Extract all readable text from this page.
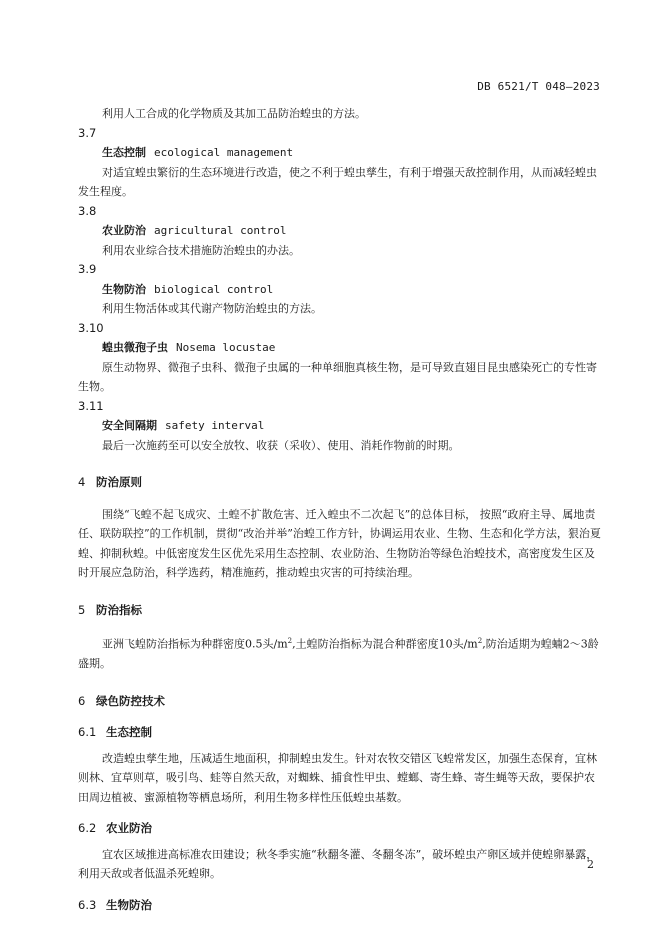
DB 6521/T 048—2023

利用人工合成的化学物质及其加工品防治蝗虫的方法。

3.7

生态控制 ecological management

对适宜蝗虫繁衍的生态环境进行改造，使之不利于蝗虫孳生，有利于增强天敌控制作用，从而减轻蝗虫发生程度。

3.8

农业防治 agricultural control

利用农业综合技术措施防治蝗虫的办法。

3.9

生物防治 biological control

利用生物活体或其代谢产物防治蝗虫的方法。

3.10

蝗虫微孢子虫 Nosema locustae

原生动物界、微孢子虫科、微孢子虫属的一种单细胞真核生物，是可导致直翅目昆虫感染死亡的专性寄生物。

3.11

安全间隔期 safety interval

最后一次施药至可以安全放牧、收获（采收）、使用、消耗作物前的时期。

4 防治原则

围绕“飞蝗不起飞成灾、土蝗不扩散危害、迁入蝗虫不二次起飞”的总体目标， 按照“政府主导、属地责任、联防联控”的工作机制，贯彻“改治并举”治蝗工作方针，协调运用农业、生物、生态和化学方法，狠治夏蝗、抑制秋蝗。中低密度发生区优先采用生态控制、农业防治、生物防治等绿色治蝗技术，高密度发生区及时开展应急防治，科学选药，精准施药，推动蝗虫灾害的可持续治理。

5 防治指标

亚洲飞蝗防治指标为种群密度0.5头$/m^2$,土蝗防治指标为混合种群密度10头$/m^2$,防治适期为蝗蝻2～3龄盛期。

6 绿色防控技术

6.1 生态控制

改造蝗虫孳生地，压减适生地面积，抑制蝗虫发生。针对农牧交错区飞蝗常发区，加强生态保育，宜林则林、宜草则草，吸引鸟、蛙等自然天敌，对蜘蛛、捕食性甲虫、螳螂、寄生蜂、寄生蝇等天敌，要保护农田周边植被、蜜源植物等栖息场所，利用生物多样性压低蝗虫基数。

6.2 农业防治

宜农区域推进高标准农田建设；秋冬季实施“秋翻冬灌、冬翻冬冻”，破坏蝗虫产卵区域并使蝗卵暴露，利用天敌或者低温杀死蝗卵。

6.3 生物防治

2
